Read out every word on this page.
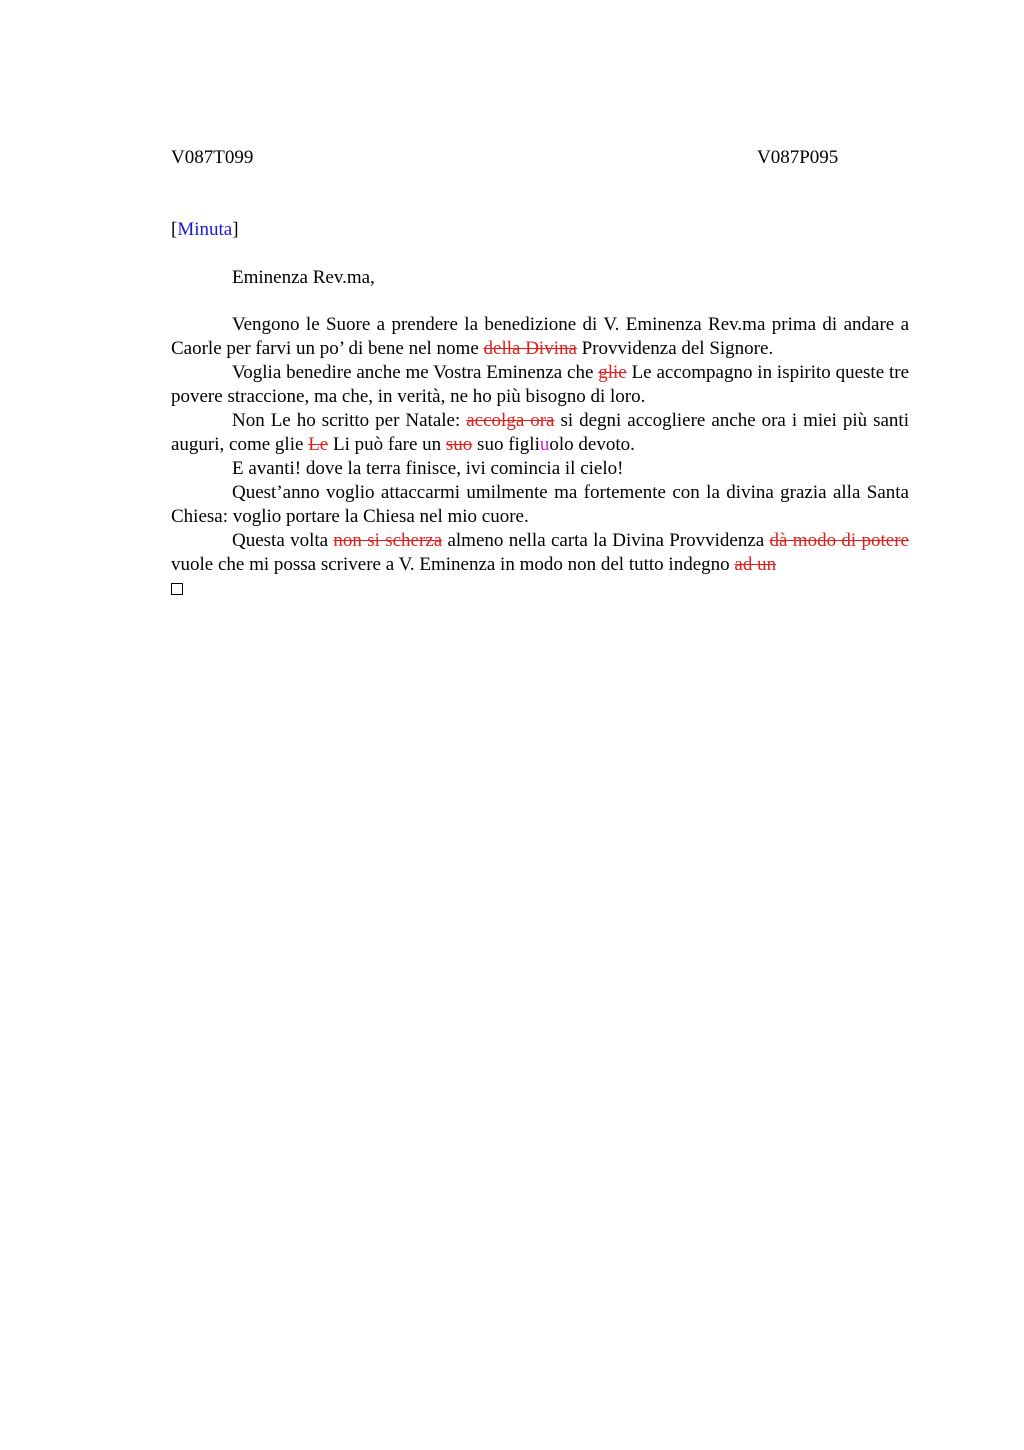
V087T099	V087P095
[Minuta]
Eminenza Rev.ma,

Vengono le Suore a prendere la benedizione di V. Eminenza Rev.ma prima di andare a Caorle per farvi un po’ di bene nel nome della Divina Provvidenza del Signore.

Voglia benedire anche me Vostra Eminenza che glie Le accompagno in ispirito queste tre povere straccione, ma che, in verità, ne ho più bisogno di loro.

Non Le ho scritto per Natale: accolga ora si degni accogliere anche ora i miei più santi auguri, come glie Le Li può fare un suo suo figliuolo devoto.

E avanti! dove la terra finisce, ivi comincia il cielo!

Quest’anno voglio attaccarmi umilmente ma fortemente con la divina grazia alla Santa Chiesa: voglio portare la Chiesa nel mio cuore.

Questa volta non si scherza almeno nella carta la Divina Provvidenza dà modo di potere vuole che mi possa scrivere a V. Eminenza in modo non del tutto indegno ad un
